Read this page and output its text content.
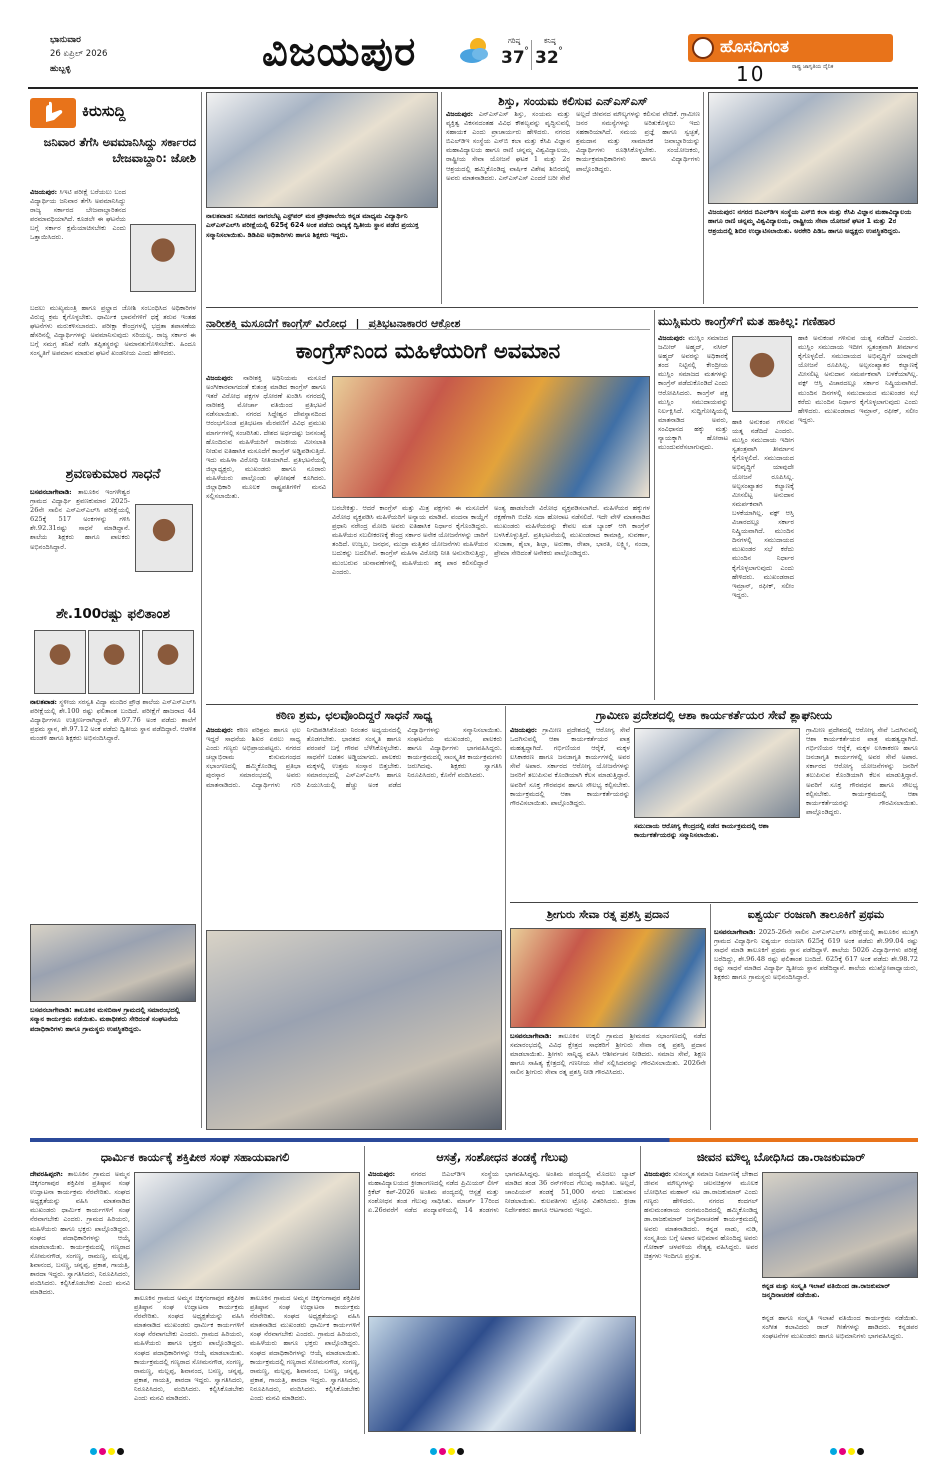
ಭಾನುವಾರ
26 ಏಪ್ರಿಲ್ 2026
ಹುಬ್ಬಳ್ಳಿ	ವಿಜಯಪುರ	ಗರಿಷ್ಠ
37 °
ಕನಿಷ್ಠ
32 °	ಹೊಸದಿಗಂತ
ರಾಷ್ಟ್ರ ಜಾಗೃತಿಯ ದೈನಿಕ
10
ಕಿರುಸುದ್ದಿ
ಜನಿವಾರ ತೆಗೆಸಿ ಅವಮಾನಿಸಿದ್ದು ಸರ್ಕಾರದ ಬೇಜವಾಬ್ದಾರಿ: ಜೋಶಿ
ವಿಜಯಪುರ: ಸಿಇಟಿ ಪರೀಕ್ಷೆ ಬರೆಯಲು ಬಂದ ವಿದ್ಯಾರ್ಥಿಯ ಜನಿವಾರ ತೆಗೆಸಿ ಅವಮಾನಿಸಿದ್ದು ರಾಜ್ಯ ಸರ್ಕಾರದ ಬೇಜವಾಬ್ದಾರಿತನದ ಪರಮಾವಧಿಯಾಗಿದೆ. ಕೂಡಲೇ ಈ ಘಟನೆಯ ಬಗ್ಗೆ ಸರ್ಕಾರ ಕ್ಷಮೆಯಾಚಿಸಬೇಕು ಎಂದು ಒತ್ತಾಯಿಸಿದರು.
ಬದಲು ಮುಖ್ಯಮಂತ್ರಿ ಹಾಗೂ ಪ್ರಲ್ಹಾದ ಜೋಶಿ ಸಂಬಂಧಿಸಿದ ಅಧಿಕಾರಿಗಳ ವಿರುದ್ಧ ಕ್ರಮ ಕೈಗೊಳ್ಳಬೇಕು. ಧಾರ್ಮಿಕ ಭಾವನೆಗಳಿಗೆ ಧಕ್ಕೆ ತರುವ ಇಂತಹ ಘಟನೆಗಳು ಮರುಕಳಿಸಬಾರದು. ಪರೀಕ್ಷಾ ಕೇಂದ್ರಗಳಲ್ಲಿ ಭದ್ರತಾ ತಪಾಸಣೆಯ ಹೆಸರಿನಲ್ಲಿ ವಿದ್ಯಾರ್ಥಿಗಳನ್ನು ಅವಮಾನಿಸುವುದು ಸರಿಯಲ್ಲ. ರಾಜ್ಯ ಸರ್ಕಾರ ಈ ಬಗ್ಗೆ ಸಮಗ್ರ ತನಿಖೆ ನಡೆಸಿ ತಪ್ಪಿತಸ್ಥರನ್ನು ಅಮಾನತುಗೊಳಿಸಬೇಕು. ಹಿಂದೂ ಸಂಸ್ಕೃತಿಗೆ ಅಪಮಾನ ಮಾಡುವ ಘಟನೆ ಖಂಡನೀಯ ಎಂದು ಹೇಳಿದರು.
ಶ್ರವಣಕುಮಾರ ಸಾಧನೆ
ಬಸವನಬಾಗೇವಾಡಿ: ತಾಲೂಕಿನ ಇಂಗಳೇಶ್ವರ ಗ್ರಾಮದ ವಿದ್ಯಾರ್ಥಿ ಶ್ರವಣಕುಮಾರ 2025-26ನೇ ಸಾಲಿನ ಎಸ್‌ಎಸ್‌ಎಲ್‌ಸಿ ಪರೀಕ್ಷೆಯಲ್ಲಿ 625ಕ್ಕೆ 517 ಅಂಕಗಳನ್ನು ಗಳಿಸಿ ಶೇ.92.31ರಷ್ಟು ಸಾಧನೆ ಮಾಡಿದ್ದಾನೆ. ಶಾಲೆಯ ಶಿಕ್ಷಕರು ಹಾಗೂ ಪಾಲಕರು ಅಭಿನಂದಿಸಿದ್ದಾರೆ.
ಶೇ.100ರಷ್ಟು ಫಲಿತಾಂಶ
ನಾಲತವಾಡ: ಸ್ಥಳೀಯ ಸರಸ್ವತಿ ವಿದ್ಯಾ ಮಂದಿರ ಪ್ರೌಢ ಶಾಲೆಯ ಎಸ್‌ಎಸ್‌ಎಲ್‌ಸಿ ಪರೀಕ್ಷೆಯಲ್ಲಿ ಶೇ.100 ರಷ್ಟು ಫಲಿತಾಂಶ ಬಂದಿದೆ. ಪರೀಕ್ಷೆಗೆ ಹಾಜರಾದ 44 ವಿದ್ಯಾರ್ಥಿಗಳೂ ಉತ್ತೀರ್ಣರಾಗಿದ್ದಾರೆ. ಶೇ.97.76 ಅಂಕ ಪಡೆದು ಶಾಲೆಗೆ ಪ್ರಥಮ ಸ್ಥಾನ, ಶೇ.97.12 ಅಂಕ ಪಡೆದು ದ್ವಿತೀಯ ಸ್ಥಾನ ಪಡೆದಿದ್ದಾರೆ. ಆಡಳಿತ ಮಂಡಳಿ ಹಾಗೂ ಶಿಕ್ಷಕರು ಅಭಿನಂದಿಸಿದ್ದಾರೆ.
ಬಸವನಬಾಗೇವಾಡಿ: ತಾಲೂಕಿನ ಮಸಬಿನಾಳ ಗ್ರಾಮದಲ್ಲಿ ಸಮಾರಂಭದಲ್ಲಿ ಸನ್ಮಾನ ಕಾರ್ಯಕ್ರಮ ನಡೆಯಿತು. ಮಠಾಧೀಶರು ಸೇರಿದಂತೆ ಸಂಘಟನೆಯ ಪದಾಧಿಕಾರಿಗಳು ಹಾಗೂ ಗ್ರಾಮಸ್ಥರು ಉಪಸ್ಥಿತರಿದ್ದರು.
ನಾಲತವಾಡ: ಸಮೀಪದ ನಾಗರಬೆಟ್ಟ ಎಸ್ಟ್‌ಪರ್ ಮಠ ಪ್ರೌಢಶಾಲೆಯ ಕನ್ನಡ ಮಾಧ್ಯಮ ವಿದ್ಯಾರ್ಥಿನಿ ಎಸ್ಎಸ್ಎಲ್‌ಸಿ ಪರೀಕ್ಷೆಯಲ್ಲಿ 625ಕ್ಕೆ 624 ಅಂಕ ಪಡೆದು ರಾಜ್ಯಕ್ಕೆ ದ್ವಿತೀಯ ಸ್ಥಾನ ಪಡೆದ ಪ್ರಯುಕ್ತ ಸನ್ಮಾನಿಸಲಾಯಿತು. ಡಿಡಿಪಿಐ ಅಧಿಕಾರಿಗಳು ಹಾಗೂ ಶಿಕ್ಷಕರು ಇದ್ದರು.
ಶಿಸ್ತು, ಸಂಯಮ ಕಲಿಸುವ ಎನ್‌ಎಸ್‌ಎಸ್
ವಿಜಯಪುರ: ಎನ್‌ಎಸ್‌ಎಸ್ ಶಿಸ್ತು, ಸಂಯಮ ಮತ್ತು ವ್ಯಕ್ತಿತ್ವ ವಿಕಸನದಂತಹ ವಿವಿಧ ಕೌಶಲ್ಯವನ್ನು ವೃದ್ಧಿಸುವಲ್ಲಿ ಸಹಾಯಕ ಎಂದು ಪ್ರಾಚಾರ್ಯರು ಹೇಳಿದರು. ನಗರದ ಬಿಎಲ್‌ಡಿಇ ಸಂಸ್ಥೆಯ ಎಸ್‌ಬಿ ಕಲಾ ಮತ್ತು ಕೆಸಿಪಿ ವಿಜ್ಞಾನ ಮಹಾವಿದ್ಯಾಲಯ ಹಾಗೂ ರಾಣಿ ಚನ್ನಮ್ಮ ವಿಶ್ವವಿದ್ಯಾಲಯ, ರಾಷ್ಟ್ರೀಯ ಸೇವಾ ಯೋಜನೆ ಘಟಕ 1 ಮತ್ತು 2ರ ಆಶ್ರಯದಲ್ಲಿ ಹಮ್ಮಿಕೊಂಡಿದ್ದ ವಾರ್ಷಿಕ ವಿಶೇಷ ಶಿಬಿರದಲ್ಲಿ ಅವರು ಮಾತನಾಡಿದರು. ಎನ್‌ಎಸ್‌ಎಸ್ ಎಂದರೆ ಬರೀ ಸೇವೆ ಅಲ್ಲದೆ ಜೀವನದ ಮೌಲ್ಯಗಳನ್ನು ಕಲಿಸುವ ವೇದಿಕೆ. ಗ್ರಾಮೀಣ ಜನರ ಸಮಸ್ಯೆಗಳನ್ನು ಅರಿತುಕೊಳ್ಳಲು ಇದು ಸಹಕಾರಿಯಾಗಿದೆ. ಸಮಯ ಪ್ರಜ್ಞೆ ಹಾಗೂ ಸ್ವಚ್ಛತೆ, ಶ್ರಮದಾನ ಮತ್ತು ಸಾಮಾಜಿಕ ಜವಾಬ್ದಾರಿಯನ್ನು ವಿದ್ಯಾರ್ಥಿಗಳು ರೂಢಿಸಿಕೊಳ್ಳಬೇಕು. ಸಂಯೋಜಕರು, ಕಾರ್ಯಕ್ರಮಾಧಿಕಾರಿಗಳು ಹಾಗೂ ವಿದ್ಯಾರ್ಥಿಗಳು ಪಾಲ್ಗೊಂಡಿದ್ದರು.
ವಿಜಯಪುರ: ನಗರದ ಬಿಎಲ್‌ಡಿಇ ಸಂಸ್ಥೆಯ ಎಸ್‌ಬಿ ಕಲಾ ಮತ್ತು ಕೆಸಿಪಿ ವಿಜ್ಞಾನ ಮಹಾವಿದ್ಯಾಲಯ ಹಾಗೂ ರಾಣಿ ಚನ್ನಮ್ಮ ವಿಶ್ವವಿದ್ಯಾಲಯ, ರಾಷ್ಟ್ರೀಯ ಸೇವಾ ಯೋಜನೆ ಘಟಕ 1 ಮತ್ತು 2ರ ಆಶ್ರಯದಲ್ಲಿ ಶಿಬಿರ ಉದ್ಘಾಟಿಸಲಾಯಿತು. ಅರಕೇರಿ ಪಿಡಿಒ ಹಾಗೂ ಅಧ್ಯಕ್ಷರು ಉಪಸ್ಥಿತರಿದ್ದರು.
ನಾರೀಶಕ್ತಿ ಮಸೂದೆಗೆ ಕಾಂಗ್ರೆಸ್ ವಿರೋಧ | ಪ್ರತಿಭಟನಾಕಾರರ ಆಕ್ರೋಶ
ಕಾಂಗ್ರೆಸ್‌ನಿಂದ ಮಹಿಳೆಯರಿಗೆ ಅವಮಾನ
ವಿಜಯಪುರ: ನಾರೀಶಕ್ತಿ ಅಧಿನಿಯಮ ಮಸೂದೆ ಅಂಗೀಕಾರವಾಗದಂತೆ ಕುತಂತ್ರ ಮಾಡಿದ ಕಾಂಗ್ರೆಸ್ ಹಾಗೂ ಇತರೆ ವಿರೋಧ ಪಕ್ಷಗಳ ಧೋರಣೆ ಖಂಡಿಸಿ ನಗರದಲ್ಲಿ ನಾರೀಶಕ್ತಿ ಮೋರ್ಚಾ ವತಿಯಿಂದ ಪ್ರತಿಭಟನೆ ನಡೆಸಲಾಯಿತು. ನಗರದ ಸಿದ್ದೇಶ್ವರ ದೇವಸ್ಥಾನದಿಂದ ಆರಂಭಗೊಂಡ ಪ್ರತಿಭಟನಾ ಮೆರವಣಿಗೆ ವಿವಿಧ ಪ್ರಮುಖ ಮಾರ್ಗಗಳಲ್ಲಿ ಸಂಚರಿಸಿತು. ದೇಶದ ಅರ್ಧದಷ್ಟು ಜನಸಂಖ್ಯೆ ಹೊಂದಿರುವ ಮಹಿಳೆಯರಿಗೆ ರಾಜಕೀಯ ಮೀಸಲಾತಿ ನೀಡುವ ಐತಿಹಾಸಿಕ ಮಸೂದೆಗೆ ಕಾಂಗ್ರೆಸ್ ಅಡ್ಡಿಪಡಿಸುತ್ತಿದೆ. ಇದು ಮಹಿಳಾ ವಿರೋಧಿ ನೀತಿಯಾಗಿದೆ. ಪ್ರತಿಭಟನೆಯಲ್ಲಿ ಜಿಲ್ಲಾಧ್ಯಕ್ಷರು, ಮುಖಂಡರು ಹಾಗೂ ನೂರಾರು ಮಹಿಳೆಯರು ಪಾಲ್ಗೊಂಡು ಘೋಷಣೆ ಕೂಗಿದರು. ಜಿಲ್ಲಾಧಿಕಾರಿ ಮೂಲಕ ರಾಷ್ಟ್ರಪತಿಗಳಿಗೆ ಮನವಿ ಸಲ್ಲಿಸಲಾಯಿತು.
ಬರಬೇಕಿತ್ತು. ಆದರೆ ಕಾಂಗ್ರೆಸ್ ಮತ್ತು ಮಿತ್ರ ಪಕ್ಷಗಳು ಈ ಮಸೂದೆಗೆ ವಿರೋಧ ವ್ಯಕ್ತಪಡಿಸಿ ಮಹಿಳೆಯರಿಗೆ ಅನ್ಯಾಯ ಮಾಡಿವೆ. ವಂದನಾ ಕಾಯ್ದೆಗೆ ಪ್ರಧಾನಿ ನರೇಂದ್ರ ಮೋದಿ ಅವರು ಐತಿಹಾಸಿಕ ನಿರ್ಧಾರ ಕೈಗೊಂಡಿದ್ದರು. ಮಹಿಳೆಯರ ಸಬಲೀಕರಣಕ್ಕೆ ಕೇಂದ್ರ ಸರ್ಕಾರ ಅನೇಕ ಯೋಜನೆಗಳನ್ನು ಜಾರಿಗೆ ತಂದಿದೆ. ಉಜ್ವಲ, ಜನಧನ, ಮುದ್ರಾ ಮತ್ತಿತರ ಯೋಜನೆಗಳು ಮಹಿಳೆಯರ ಬದುಕನ್ನು ಬದಲಿಸಿವೆ. ಕಾಂಗ್ರೆಸ್ ಮಹಿಳಾ ವಿರೋಧಿ ನೀತಿ ಅನುಸರಿಸುತ್ತಿದ್ದು, ಮುಂಬರುವ ಚುನಾವಣೆಗಳಲ್ಲಿ ಮಹಿಳೆಯರು ತಕ್ಕ ಪಾಠ ಕಲಿಸಲಿದ್ದಾರೆ ಎಂದರು.
ಅಂತ್ಯ ಹಾಡಲೆಂದೇ ವಿರೋಧ ವ್ಯಕ್ತಪಡಿಸಲಾಗಿದೆ. ಮಹಿಳೆಯರ ಹಕ್ಕುಗಳ ರಕ್ಷಣೆಗಾಗಿ ಬಿಜೆಪಿ ಸದಾ ಹೋರಾಟ ನಡೆಸಲಿದೆ. ಇದೇ ವೇಳೆ ಮಾತನಾಡಿದ ಮುಖಂಡರು ಮಹಿಳೆಯರನ್ನು ಕೇವಲ ಮತ ಬ್ಯಾಂಕ್ ಆಗಿ ಕಾಂಗ್ರೆಸ್ ಬಳಸಿಕೊಳ್ಳುತ್ತಿದೆ. ಪ್ರತಿಭಟನೆಯಲ್ಲಿ ಮುಖಂಡರಾದ ಕಾಮಾಕ್ಷಿ, ಸುವರ್ಣಾ, ಸುಜಾತಾ, ಶೈಲಾ, ಶಿಲ್ಪಾ, ಅರುಣಾ, ರೇಖಾ, ಭಾರತಿ, ಲಕ್ಷ್ಮೀ, ನಂದಾ, ಪ್ರೇಮಾ ಸೇರಿದಂತೆ ಅನೇಕರು ಪಾಲ್ಗೊಂಡಿದ್ದರು.
ಮುಸ್ಲಿಮರು ಕಾಂಗ್ರೆಸ್‌ಗೆ ಮತ ಹಾಕಿಲ್ಲ: ಗಣಿಹಾರ
ವಿಜಯಪುರ: ಮುಸ್ಲಿಂ ಸಮಾಜದ ಜಮೀರ್ ಅಹ್ಮದ್, ನಸೀರ್ ಅಹ್ಮದ್ ಅವರನ್ನು ಅಧಿಕಾರಕ್ಕೆ ತಂದ ನಿಟ್ಟಿನಲ್ಲಿ ಕೇಂದ್ರೀಯ ಮುಸ್ಲಿಂ ಸಮಾಜದ ಮತಗಳನ್ನು ಕಾಂಗ್ರೆಸ್ ಪಡೆದುಕೊಂಡಿದೆ ಎಂದು ಆರೋಪಿಸಿದರು. ಕಾಂಗ್ರೆಸ್ ಪಕ್ಷ ಮುಸ್ಲಿಂ ಸಮುದಾಯವನ್ನು ನಿರ್ಲಕ್ಷಿಸಿದೆ. ಸುದ್ದಿಗೋಷ್ಠಿಯಲ್ಲಿ ಮಾತನಾಡಿದ ಅವರು, ಸಂವಿಧಾನದ ಹಕ್ಕು ಮತ್ತು ನ್ಯಾಯಕ್ಕಾಗಿ ಹೋರಾಟ ಮುಂದುವರೆಸಲಾಗುವುದು.
ಹಾಕಿ ಅನುಕಂಪ ಗಳಿಸುವ ಯತ್ನ ನಡೆದಿದೆ ಎಂದರು. ಮುಸ್ಲಿಂ ಸಮುದಾಯ ಇದೀಗ ಸ್ವತಂತ್ರವಾಗಿ ತೀರ್ಮಾನ ಕೈಗೊಳ್ಳಲಿದೆ. ಸಮುದಾಯದ ಅಭಿವೃದ್ಧಿಗೆ ಯಾವುದೇ ಯೋಜನೆ ರೂಪಿಸಿಲ್ಲ. ಅಲ್ಪಸಂಖ್ಯಾತರ ಕಲ್ಯಾಣಕ್ಕೆ ಮೀಸಲಿಟ್ಟ ಅನುದಾನ ಸಮರ್ಪಕವಾಗಿ ಬಳಕೆಯಾಗಿಲ್ಲ. ವಕ್ಫ್ ಆಸ್ತಿ ವಿಚಾರದಲ್ಲೂ ಸರ್ಕಾರ ನಿಷ್ಕ್ರಿಯವಾಗಿದೆ. ಮುಂದಿನ ದಿನಗಳಲ್ಲಿ ಸಮುದಾಯದ ಮುಖಂಡರ ಸಭೆ ಕರೆದು ಮುಂದಿನ ನಿರ್ಧಾರ ಕೈಗೊಳ್ಳಲಾಗುವುದು ಎಂದು ಹೇಳಿದರು. ಮುಖಂಡರಾದ ಇಮ್ರಾನ್, ರಫೀಕ್, ಸಲೀಂ ಇದ್ದರು.
ಹಾಕಿ ಅನುಕಂಪ ಗಳಿಸುವ ಯತ್ನ ನಡೆದಿದೆ ಎಂದರು. ಮುಸ್ಲಿಂ ಸಮುದಾಯ ಇದೀಗ ಸ್ವತಂತ್ರವಾಗಿ ತೀರ್ಮಾನ ಕೈಗೊಳ್ಳಲಿದೆ. ಸಮುದಾಯದ ಅಭಿವೃದ್ಧಿಗೆ ಯಾವುದೇ ಯೋಜನೆ ರೂಪಿಸಿಲ್ಲ. ಅಲ್ಪಸಂಖ್ಯಾತರ ಕಲ್ಯಾಣಕ್ಕೆ ಮೀಸಲಿಟ್ಟ ಅನುದಾನ ಸಮರ್ಪಕವಾಗಿ ಬಳಕೆಯಾಗಿಲ್ಲ. ವಕ್ಫ್ ಆಸ್ತಿ ವಿಚಾರದಲ್ಲೂ ಸರ್ಕಾರ ನಿಷ್ಕ್ರಿಯವಾಗಿದೆ. ಮುಂದಿನ ದಿನಗಳಲ್ಲಿ ಸಮುದಾಯದ ಮುಖಂಡರ ಸಭೆ ಕರೆದು ಮುಂದಿನ ನಿರ್ಧಾರ ಕೈಗೊಳ್ಳಲಾಗುವುದು ಎಂದು ಹೇಳಿದರು. ಮುಖಂಡರಾದ ಇಮ್ರಾನ್, ರಫೀಕ್, ಸಲೀಂ ಇದ್ದರು.
ಕಠಿಣ ಶ್ರಮ, ಛಲವೊಂದಿದ್ದರೆ ಸಾಧನೆ ಸಾಧ್ಯ
ವಿಜಯಪುರ: ಕಠಿಣ ಪರಿಶ್ರಮ ಹಾಗೂ ಛಲ ಇದ್ದರೆ ಸಾಧನೆಯ ಶಿಖರ ಏರಲು ಸಾಧ್ಯ ಎಂದು ಗಣ್ಯರು ಅಭಿಪ್ರಾಯಪಟ್ಟರು. ನಗರದ ಚಲ್ಲಾಭಿರಾಮ ಕುಸುಮಗಂಧದ ಸಭಾಂಗಣದಲ್ಲಿ ಹಮ್ಮಿಕೊಂಡಿದ್ದ ಪ್ರತಿಭಾ ಪುರಸ್ಕಾರ ಸಮಾರಂಭದಲ್ಲಿ ಅವರು ಮಾತನಾಡಿದರು. ವಿದ್ಯಾರ್ಥಿಗಳು ಗುರಿ ನಿಗದಿಪಡಿಸಿಕೊಂಡು ನಿರಂತರ ಅಧ್ಯಯನದಲ್ಲಿ ತೊಡಗಬೇಕು. ಭಾರತದ ಸಂಸ್ಕೃತಿ ಹಾಗೂ ಪರಂಪರೆ ಬಗ್ಗೆ ಗೌರವ ಬೆಳೆಸಿಕೊಳ್ಳಬೇಕು. ಸಾಧನೆಗೆ ಬಡತನ ಅಡ್ಡಿಯಾಗದು. ಪಾಲಕರು ಮಕ್ಕಳಲ್ಲಿ ಉತ್ತಮ ಸಂಸ್ಕಾರ ಬಿತ್ತಬೇಕು. ಸಮಾರಂಭದಲ್ಲಿ ಎಸ್‌ಎಸ್‌ಎಲ್‌ಸಿ ಹಾಗೂ ಪಿಯುಸಿಯಲ್ಲಿ ಹೆಚ್ಚು ಅಂಕ ಪಡೆದ ವಿದ್ಯಾರ್ಥಿಗಳನ್ನು ಸನ್ಮಾನಿಸಲಾಯಿತು. ಸಂಘಟನೆಯ ಮುಖಂಡರು, ಪಾಲಕರು ಹಾಗೂ ವಿದ್ಯಾರ್ಥಿಗಳು ಭಾಗವಹಿಸಿದ್ದರು. ಕಾರ್ಯಕ್ರಮದಲ್ಲಿ ಸಾಂಸ್ಕೃತಿಕ ಕಾರ್ಯಕ್ರಮಗಳು ಜರುಗಿದವು. ಶಿಕ್ಷಕರು ಸ್ವಾಗತಿಸಿ ನಿರೂಪಿಸಿದರು, ಕೊನೆಗೆ ವಂದಿಸಿದರು.
ಗ್ರಾಮೀಣ ಪ್ರದೇಶದಲ್ಲಿ ಆಶಾ ಕಾರ್ಯಕರ್ತೆಯರ ಸೇವೆ ಶ್ಲಾಘನೀಯ
ವಿಜಯಪುರ: ಗ್ರಾಮೀಣ ಪ್ರದೇಶದಲ್ಲಿ ಆರೋಗ್ಯ ಸೇವೆ ಒದಗಿಸುವಲ್ಲಿ ಆಶಾ ಕಾರ್ಯಕರ್ತೆಯರ ಪಾತ್ರ ಮಹತ್ವದ್ದಾಗಿದೆ. ಗರ್ಭಿಣಿಯರ ಆರೈಕೆ, ಮಕ್ಕಳ ಲಸಿಕಾಕರಣ ಹಾಗೂ ಜನಜಾಗೃತಿ ಕಾರ್ಯಗಳಲ್ಲಿ ಅವರ ಸೇವೆ ಅಪಾರ. ಸರ್ಕಾರದ ಆರೋಗ್ಯ ಯೋಜನೆಗಳನ್ನು ಜನರಿಗೆ ತಲುಪಿಸುವ ಕೊಂಡಿಯಾಗಿ ಕೆಲಸ ಮಾಡುತ್ತಿದ್ದಾರೆ. ಅವರಿಗೆ ಸೂಕ್ತ ಗೌರವಧನ ಹಾಗೂ ಸೌಲಭ್ಯ ಕಲ್ಪಿಸಬೇಕು. ಕಾರ್ಯಕ್ರಮದಲ್ಲಿ ಆಶಾ ಕಾರ್ಯಕರ್ತೆಯರನ್ನು ಗೌರವಿಸಲಾಯಿತು. ಪಾಲ್ಗೊಂಡಿದ್ದರು.
ಸಮುದಾಯ ಆರೋಗ್ಯ ಕೇಂದ್ರದಲ್ಲಿ ನಡೆದ ಕಾರ್ಯಕ್ರಮದಲ್ಲಿ ಆಶಾ ಕಾರ್ಯಕರ್ತೆಯರನ್ನು ಸನ್ಮಾನಿಸಲಾಯಿತು.
ಗ್ರಾಮೀಣ ಪ್ರದೇಶದಲ್ಲಿ ಆರೋಗ್ಯ ಸೇವೆ ಒದಗಿಸುವಲ್ಲಿ ಆಶಾ ಕಾರ್ಯಕರ್ತೆಯರ ಪಾತ್ರ ಮಹತ್ವದ್ದಾಗಿದೆ. ಗರ್ಭಿಣಿಯರ ಆರೈಕೆ, ಮಕ್ಕಳ ಲಸಿಕಾಕರಣ ಹಾಗೂ ಜನಜಾಗೃತಿ ಕಾರ್ಯಗಳಲ್ಲಿ ಅವರ ಸೇವೆ ಅಪಾರ. ಸರ್ಕಾರದ ಆರೋಗ್ಯ ಯೋಜನೆಗಳನ್ನು ಜನರಿಗೆ ತಲುಪಿಸುವ ಕೊಂಡಿಯಾಗಿ ಕೆಲಸ ಮಾಡುತ್ತಿದ್ದಾರೆ. ಅವರಿಗೆ ಸೂಕ್ತ ಗೌರವಧನ ಹಾಗೂ ಸೌಲಭ್ಯ ಕಲ್ಪಿಸಬೇಕು. ಕಾರ್ಯಕ್ರಮದಲ್ಲಿ ಆಶಾ ಕಾರ್ಯಕರ್ತೆಯರನ್ನು ಗೌರವಿಸಲಾಯಿತು. ಪಾಲ್ಗೊಂಡಿದ್ದರು.
ಶ್ರೀಗುರು ಸೇವಾ ರತ್ನ ಪ್ರಶಸ್ತಿ ಪ್ರದಾನ
ಬಸವನಬಾಗೇವಾಡಿ: ತಾಲೂಕಿನ ಉಕ್ಕಲಿ ಗ್ರಾಮದ ಶ್ರೀಮಠದ ಸಭಾಂಗಣದಲ್ಲಿ ನಡೆದ ಸಮಾರಂಭದಲ್ಲಿ ವಿವಿಧ ಕ್ಷೇತ್ರದ ಸಾಧಕರಿಗೆ ಶ್ರೀಗುರು ಸೇವಾ ರತ್ನ ಪ್ರಶಸ್ತಿ ಪ್ರದಾನ ಮಾಡಲಾಯಿತು. ಶ್ರೀಗಳು ಸಾನ್ನಿಧ್ಯ ವಹಿಸಿ ಆಶೀರ್ವಚನ ನೀಡಿದರು. ಸಮಾಜ ಸೇವೆ, ಶಿಕ್ಷಣ ಹಾಗೂ ಸಾಹಿತ್ಯ ಕ್ಷೇತ್ರದಲ್ಲಿ ಗಣನೀಯ ಸೇವೆ ಸಲ್ಲಿಸಿದವರನ್ನು ಗೌರವಿಸಲಾಯಿತು. 2026ನೇ ಸಾಲಿನ ಶ್ರೀಗುರು ಸೇವಾ ರತ್ನ ಪ್ರಶಸ್ತಿ ನೀಡಿ ಗೌರವಿಸಿದರು.
ಐಶ್ವರ್ಯ ರಂಜಣಗಿ ತಾಲೂಕಿಗೆ ಪ್ರಥಮ
ಬಸವನಬಾಗೇವಾಡಿ: 2025-26ನೇ ಸಾಲಿನ ಎಸ್‌ಎಸ್‌ಎಲ್‌ಸಿ ಪರೀಕ್ಷೆಯಲ್ಲಿ ತಾಲೂಕಿನ ಮುತ್ತಗಿ ಗ್ರಾಮದ ವಿದ್ಯಾರ್ಥಿನಿ ಐಶ್ವರ್ಯ ರಂಜಣಗಿ 625ಕ್ಕೆ 619 ಅಂಕ ಪಡೆದು ಶೇ.99.04 ರಷ್ಟು ಸಾಧನೆ ಮಾಡಿ ತಾಲೂಕಿಗೆ ಪ್ರಥಮ ಸ್ಥಾನ ಪಡೆದಿದ್ದಾಳೆ. ಶಾಲೆಯ 5026 ವಿದ್ಯಾರ್ಥಿಗಳು ಪರೀಕ್ಷೆ ಬರೆದಿದ್ದು, ಶೇ.96.48 ರಷ್ಟು ಫಲಿತಾಂಶ ಬಂದಿದೆ. 625ಕ್ಕೆ 617 ಅಂಕ ಪಡೆದು ಶೇ.98.72 ರಷ್ಟು ಸಾಧನೆ ಮಾಡಿದ ವಿದ್ಯಾರ್ಥಿ ದ್ವಿತೀಯ ಸ್ಥಾನ ಪಡೆದಿದ್ದಾನೆ. ಶಾಲೆಯ ಮುಖ್ಯೋಪಾಧ್ಯಾಯರು, ಶಿಕ್ಷಕರು ಹಾಗೂ ಗ್ರಾಮಸ್ಥರು ಅಭಿನಂದಿಸಿದ್ದಾರೆ.
ಧಾರ್ಮಿಕ ಕಾರ್ಯಕ್ಕೆ ಶಕ್ತಿಪೀಠ ಸಂಘ ಸಹಾಯವಾಗಲಿ
ದೇವರಹಿಪ್ಪರಗಿ: ತಾಲೂಕಿನ ಗ್ರಾಮದ ಅಮ್ಮನ ಚಿಕ್ಕಗಂಗಾಪುರ ಶಕ್ತಿಪೀಠ ಪ್ರತಿಷ್ಠಾನ ಸಂಘ ಉದ್ಘಾಟನಾ ಕಾರ್ಯಕ್ರಮ ನೆರವೇರಿತು. ಸಂಘದ ಅಧ್ಯಕ್ಷತೆಯನ್ನು ವಹಿಸಿ ಮಾತನಾಡಿದ ಮುಖಂಡರು ಧಾರ್ಮಿಕ ಕಾರ್ಯಗಳಿಗೆ ಸಂಘ ನೆರವಾಗಬೇಕು ಎಂದರು. ಗ್ರಾಮದ ಹಿರಿಯರು, ಮಹಿಳೆಯರು ಹಾಗೂ ಭಕ್ತರು ಪಾಲ್ಗೊಂಡಿದ್ದರು. ಸಂಘದ ಪದಾಧಿಕಾರಿಗಳನ್ನು ಆಯ್ಕೆ ಮಾಡಲಾಯಿತು. ಕಾರ್ಯಕ್ರಮದಲ್ಲಿ ಗಣ್ಯರಾದ ಸೋಮನಗೌಡ, ಸಂಗಣ್ಣ, ರಾಮಣ್ಣ, ಮಲ್ಲಪ್ಪ, ಶಿವಾನಂದ, ಬಸಣ್ಣ, ಚನ್ನಪ್ಪ, ಪ್ರಕಾಶ, ಗಾಯತ್ರಿ, ಶಾರದಾ ಇದ್ದರು. ಸ್ವಾಗತಿಸಿದರು, ನಿರೂಪಿಸಿದರು, ವಂದಿಸಿದರು. ಕಲ್ಪಿಸಿಕೊಡಬೇಕು ಎಂದು ಮನವಿ ಮಾಡಿದರು.
ತಾಲೂಕಿನ ಗ್ರಾಮದ ಅಮ್ಮನ ಚಿಕ್ಕಗಂಗಾಪುರ ಶಕ್ತಿಪೀಠ ಪ್ರತಿಷ್ಠಾನ ಸಂಘ ಉದ್ಘಾಟನಾ ಕಾರ್ಯಕ್ರಮ ನೆರವೇರಿತು. ಸಂಘದ ಅಧ್ಯಕ್ಷತೆಯನ್ನು ವಹಿಸಿ ಮಾತನಾಡಿದ ಮುಖಂಡರು ಧಾರ್ಮಿಕ ಕಾರ್ಯಗಳಿಗೆ ಸಂಘ ನೆರವಾಗಬೇಕು ಎಂದರು. ಗ್ರಾಮದ ಹಿರಿಯರು, ಮಹಿಳೆಯರು ಹಾಗೂ ಭಕ್ತರು ಪಾಲ್ಗೊಂಡಿದ್ದರು. ಸಂಘದ ಪದಾಧಿಕಾರಿಗಳನ್ನು ಆಯ್ಕೆ ಮಾಡಲಾಯಿತು. ಕಾರ್ಯಕ್ರಮದಲ್ಲಿ ಗಣ್ಯರಾದ ಸೋಮನಗೌಡ, ಸಂಗಣ್ಣ, ರಾಮಣ್ಣ, ಮಲ್ಲಪ್ಪ, ಶಿವಾನಂದ, ಬಸಣ್ಣ, ಚನ್ನಪ್ಪ, ಪ್ರಕಾಶ, ಗಾಯತ್ರಿ, ಶಾರದಾ ಇದ್ದರು. ಸ್ವಾಗತಿಸಿದರು, ನಿರೂಪಿಸಿದರು, ವಂದಿಸಿದರು. ಕಲ್ಪಿಸಿಕೊಡಬೇಕು ಎಂದು ಮನವಿ ಮಾಡಿದರು.
ತಾಲೂಕಿನ ಗ್ರಾಮದ ಅಮ್ಮನ ಚಿಕ್ಕಗಂಗಾಪುರ ಶಕ್ತಿಪೀಠ ಪ್ರತಿಷ್ಠಾನ ಸಂಘ ಉದ್ಘಾಟನಾ ಕಾರ್ಯಕ್ರಮ ನೆರವೇರಿತು. ಸಂಘದ ಅಧ್ಯಕ್ಷತೆಯನ್ನು ವಹಿಸಿ ಮಾತನಾಡಿದ ಮುಖಂಡರು ಧಾರ್ಮಿಕ ಕಾರ್ಯಗಳಿಗೆ ಸಂಘ ನೆರವಾಗಬೇಕು ಎಂದರು. ಗ್ರಾಮದ ಹಿರಿಯರು, ಮಹಿಳೆಯರು ಹಾಗೂ ಭಕ್ತರು ಪಾಲ್ಗೊಂಡಿದ್ದರು. ಸಂಘದ ಪದಾಧಿಕಾರಿಗಳನ್ನು ಆಯ್ಕೆ ಮಾಡಲಾಯಿತು. ಕಾರ್ಯಕ್ರಮದಲ್ಲಿ ಗಣ್ಯರಾದ ಸೋಮನಗೌಡ, ಸಂಗಣ್ಣ, ರಾಮಣ್ಣ, ಮಲ್ಲಪ್ಪ, ಶಿವಾನಂದ, ಬಸಣ್ಣ, ಚನ್ನಪ್ಪ, ಪ್ರಕಾಶ, ಗಾಯತ್ರಿ, ಶಾರದಾ ಇದ್ದರು. ಸ್ವಾಗತಿಸಿದರು, ನಿರೂಪಿಸಿದರು, ವಂದಿಸಿದರು. ಕಲ್ಪಿಸಿಕೊಡಬೇಕು ಎಂದು ಮನವಿ ಮಾಡಿದರು.
ಆಸತ್ರೆ, ಸಂಶೋಧನ ತಂಡಕ್ಕೆ ಗೆಲುವು
ವಿಜಯಪುರ: ನಗರದ ಬಿಎಲ್‌ಡಿಇ ಸಂಸ್ಥೆಯ ಮಹಾವಿದ್ಯಾಲಯದ ಕ್ರೀಡಾಂಗಣದಲ್ಲಿ ನಡೆದ ಪ್ರಿಮಿಯರ್ ಲೀಗ್ ಕ್ರಿಕೆಟ್ ಕಪ್-2026 ಅಂತಿಮ ಪಂದ್ಯದಲ್ಲಿ ಆಸ್ಪತ್ರೆ ಮತ್ತು ಸಂಶೋಧನ ತಂಡ ಗೆಲುವು ಸಾಧಿಸಿತು. ಮಾರ್ಚ್ 17ರಿಂದ ಏ.26ರವರೆಗೆ ನಡೆದ ಪಂದ್ಯಾವಳಿಯಲ್ಲಿ 14 ತಂಡಗಳು ಭಾಗವಹಿಸಿದ್ದವು. ಅಂತಿಮ ಪಂದ್ಯದಲ್ಲಿ ಮೊದಲು ಬ್ಯಾಟ್ ಮಾಡಿದ ತಂಡ 36 ರನ್‌ಗಳಿಂದ ಗೆಲುವು ಸಾಧಿಸಿತು. ಅಲ್ಲದೆ, ಚಾಂಪಿಯನ್ ತಂಡಕ್ಕೆ 51,000 ನಗದು ಬಹುಮಾನ ನೀಡಲಾಯಿತು. ಕುಲಪತಿಗಳು ಟ್ರೋಫಿ ವಿತರಿಸಿದರು. ಕ್ರೀಡಾ ನಿರ್ದೇಶಕರು ಹಾಗೂ ಆಟಗಾರರು ಇದ್ದರು.
ಜೀವನ ಮೌಲ್ಯ ಬೋಧಿಸಿದ ಡಾ.ರಾಜಕುಮಾರ್
ವಿಜಯಪುರ: ಸುಸಂಸ್ಕೃತ ಸಮಾಜ ನಿರ್ಮಾಣಕ್ಕೆ ಬೇಕಾದ ಜೀವನ ಮೌಲ್ಯಗಳನ್ನು ಚಲನಚಿತ್ರಗಳ ಮೂಲಕ ಬೋಧಿಸಿದ ಮಹಾನ್ ನಟ ಡಾ.ರಾಜಕುಮಾರ್ ಎಂದು ಗಣ್ಯರು ಹೇಳಿದರು. ನಗರದ ಕಂದಗಲ್ ಹನುಮಂತರಾಯ ರಂಗಮಂದಿರದಲ್ಲಿ ಹಮ್ಮಿಕೊಂಡಿದ್ದ ಡಾ.ರಾಜಕುಮಾರ್ ಜನ್ಮದಿನಾಚರಣೆ ಕಾರ್ಯಕ್ರಮದಲ್ಲಿ ಅವರು ಮಾತನಾಡಿದರು. ಕನ್ನಡ ನಾಡು, ನುಡಿ, ಸಂಸ್ಕೃತಿಯ ಬಗ್ಗೆ ಅಪಾರ ಅಭಿಮಾನ ಹೊಂದಿದ್ದ ಅವರು ಗೋಕಾಕ್ ಚಳವಳಿಯ ನೇತೃತ್ವ ವಹಿಸಿದ್ದರು. ಅವರ ಚಿತ್ರಗಳು ಇಂದಿಗೂ ಪ್ರಸ್ತುತ.
ಕನ್ನಡ ಮತ್ತು ಸಂಸ್ಕೃತಿ ಇಲಾಖೆ ವತಿಯಿಂದ ಡಾ.ರಾಜಕುಮಾರ್ ಜನ್ಮದಿನಾಚರಣೆ ನಡೆಯಿತು.
ಕನ್ನಡ ಹಾಗೂ ಸಂಸ್ಕೃತಿ ಇಲಾಖೆ ವತಿಯಿಂದ ಕಾರ್ಯಕ್ರಮ ನಡೆಯಿತು. ಸಂಗೀತ ಕಲಾವಿದರು ರಾಜ್ ಗೀತೆಗಳನ್ನು ಹಾಡಿದರು. ಕನ್ನಡಪರ ಸಂಘಟನೆಗಳ ಮುಖಂಡರು ಹಾಗೂ ಅಭಿಮಾನಿಗಳು ಭಾಗವಹಿಸಿದ್ದರು.
